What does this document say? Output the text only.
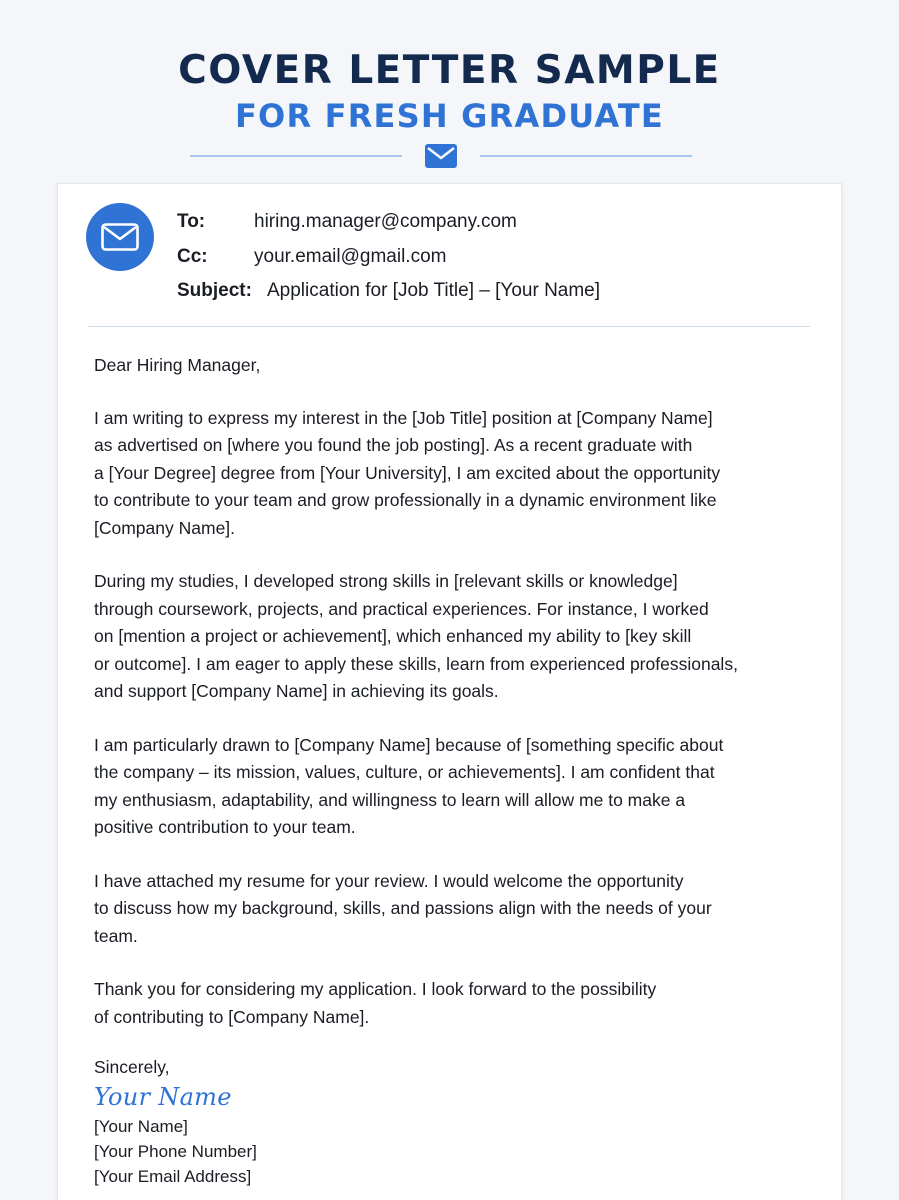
COVER LETTER SAMPLE
FOR FRESH GRADUATE
To:	hiring.manager@company.com
Cc: your.email@gmail.com
Subject: Application for [Job Title] – [Your Name]

Dear Hiring Manager,

I am writing to express my interest in the [Job Title] position at [Company Name]
as advertised on [where you found the job posting]. As a recent graduate with
a [Your Degree] degree from [Your University], I am excited about the opportunity
to contribute to your team and grow professionally in a dynamic environment like
[Company Name].

During my studies, I developed strong skills in [relevant skills or knowledge]
through coursework, projects, and practical experiences. For instance, I worked
on [mention a project or achievement], which enhanced my ability to [key skill
or outcome]. I am eager to apply these skills, learn from experienced professionals,
and support [Company Name] in achieving its goals.

I am particularly drawn to [Company Name] because of [something specific about
the company – its mission, values, culture, or achievements]. I am confident that
my enthusiasm, adaptability, and willingness to learn will allow me to make a
positive contribution to your team.

I have attached my resume for your review. I would welcome the opportunity
to discuss how my background, skills, and passions align with the needs of your
team.

Thank you for considering my application. I look forward to the possibility
of contributing to [Company Name].

Sincerely,
Your Name
[Your Name]
[Your Phone Number]
[Your Email Address]
